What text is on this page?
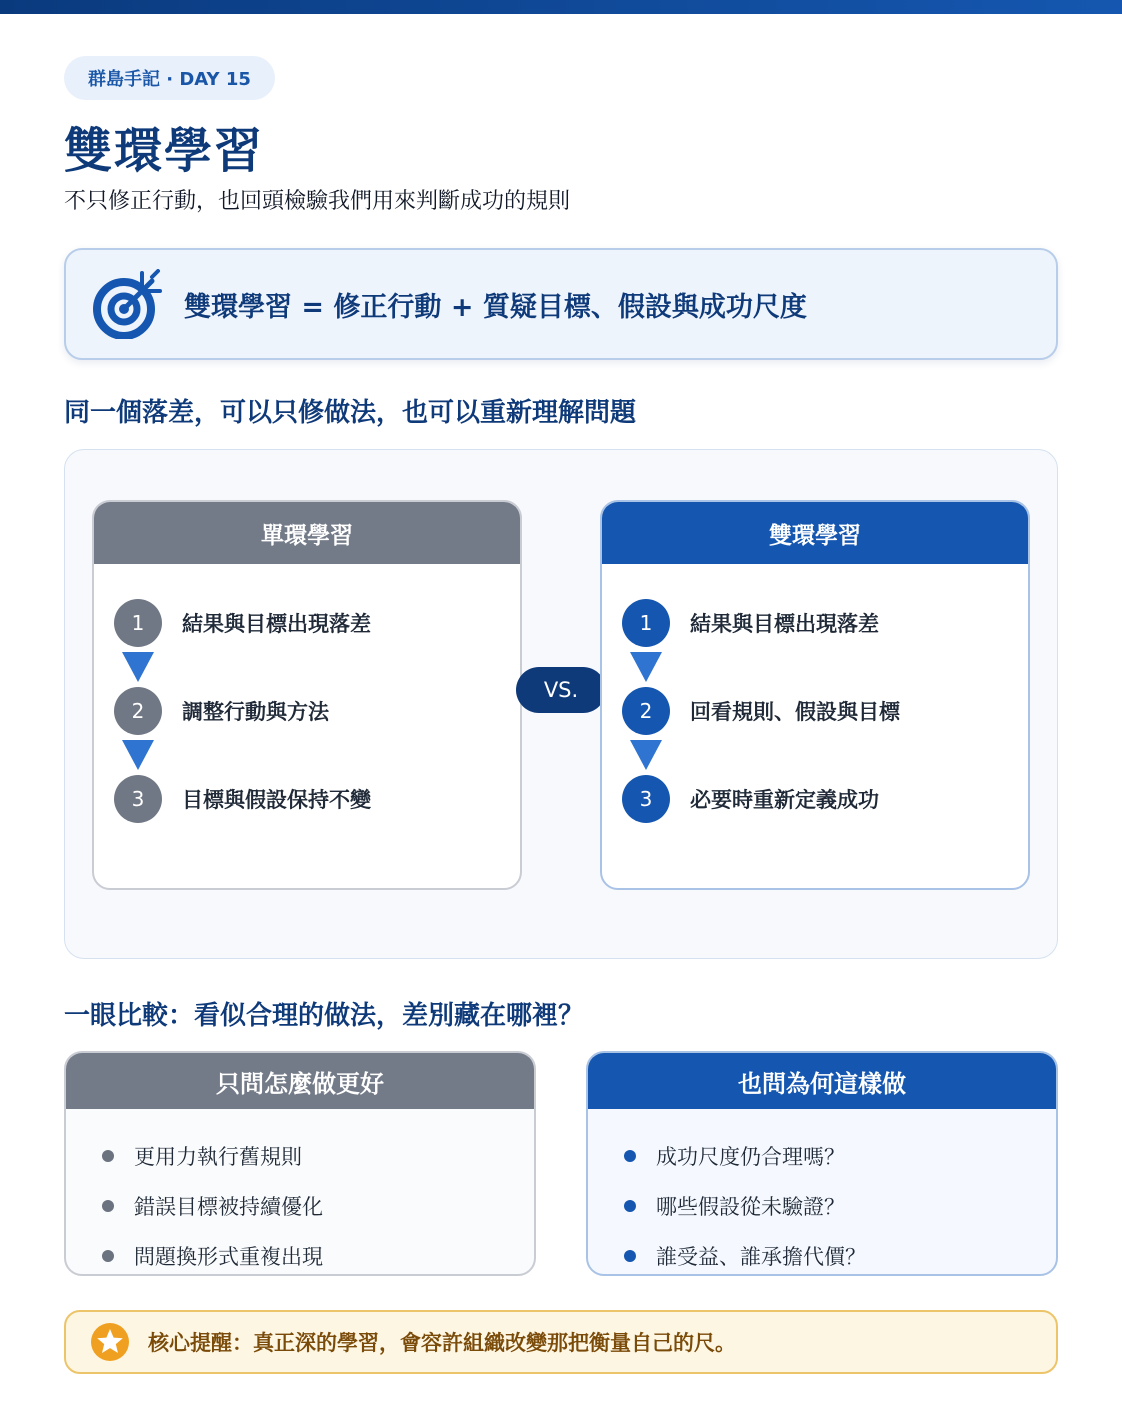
群島手記 · DAY 15
雙環學習
不只修正行動，也回頭檢驗我們用來判斷成功的規則
雙環學習 = 修正行動 + 質疑目標、假設與成功尺度
同一個落差，可以只修做法，也可以重新理解問題
單環學習
1	結果與目標出現落差
2	調整行動與方法
3	目標與假設保持不變
VS.
雙環學習
1	結果與目標出現落差
2	回看規則、假設與目標
3	必要時重新定義成功
一眼比較：看似合理的做法，差別藏在哪裡？
只問怎麼做更好
更用力執行舊規則
錯誤目標被持續優化
問題換形式重複出現
也問為何這樣做
成功尺度仍合理嗎？
哪些假設從未驗證？
誰受益、誰承擔代價？
核心提醒：真正深的學習，會容許組織改變那把衡量自己的尺。
